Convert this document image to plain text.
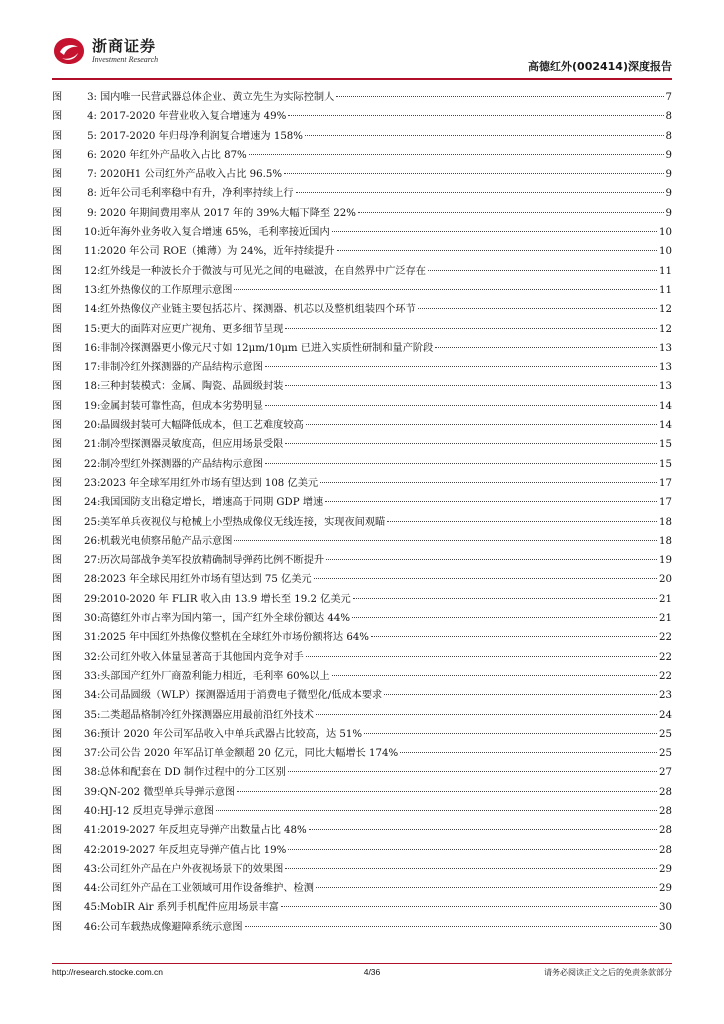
浙商证券
Investment Research
高德红外(002414)深度报告
图	3: 国内唯一民营武器总体企业、黄立先生为实际控制人	7
图	4: 2017-2020 年营业收入复合增速为 49%	8
图	5: 2017-2020 年归母净利润复合增速为 158%	8
图	6: 2020 年红外产品收入占比 87%	9
图	7: 2020H1 公司红外产品收入占比 96.5%	9
图	8: 近年公司毛利率稳中有升，净利率持续上行	9
图	9: 2020 年期间费用率从 2017 年的 39%大幅下降至 22%	9
图	10: 近年海外业务收入复合增速 65%，毛利率接近国内	10
图	11: 2020 年公司 ROE（摊薄）为 24%，近年持续提升	10
图	12: 红外线是一种波长介于微波与可见光之间的电磁波，在自然界中广泛存在	11
图	13: 红外热像仪的工作原理示意图	11
图	14: 红外热像仪产业链主要包括芯片、探测器、机芯以及整机组装四个环节	12
图	15: 更大的面阵对应更广视角、更多细节呈现	12
图	16: 非制冷探测器更小像元尺寸如 12μm/10μm 已进入实质性研制和量产阶段	13
图	17: 非制冷红外探测器的产品结构示意图	13
图	18: 三种封装模式：金属、陶瓷、晶圆级封装	13
图	19: 金属封装可靠性高，但成本劣势明显	14
图	20: 晶圆级封装可大幅降低成本，但工艺难度较高	14
图	21: 制冷型探测器灵敏度高，但应用场景受限	15
图	22: 制冷型红外探测器的产品结构示意图	15
图	23: 2023 年全球军用红外市场有望达到 108 亿美元	17
图	24: 我国国防支出稳定增长，增速高于同期 GDP 增速	17
图	25: 美军单兵夜视仪与枪械上小型热成像仪无线连接，实现夜间观瞄	18
图	26: 机载光电侦察吊舱产品示意图	18
图	27: 历次局部战争美军投放精确制导弹药比例不断提升	19
图	28: 2023 年全球民用红外市场有望达到 75 亿美元	20
图	29: 2010-2020 年 FLIR 收入由 13.9 增长至 19.2 亿美元	21
图	30: 高德红外市占率为国内第一，国产红外全球份额达 44%	21
图	31: 2025 年中国红外热像仪整机在全球红外市场份额将达 64%	22
图	32: 公司红外收入体量显著高于其他国内竞争对手	22
图	33: 头部国产红外厂商盈利能力相近，毛利率 60%以上	22
图	34: 公司晶圆级（WLP）探测器适用于消费电子微型化/低成本要求	23
图	35: 二类超晶格制冷红外探测器应用最前沿红外技术	24
图	36: 预计 2020 年公司军品收入中单兵武器占比较高，达 51%	25
图	37: 公司公告 2020 年军品订单金额超 20 亿元，同比大幅增长 174%	25
图	38: 总体和配套在 DD 制作过程中的分工区别	27
图	39: QN-202 微型单兵导弹示意图	28
图	40: HJ-12 反坦克导弹示意图	28
图	41: 2019-2027 年反坦克导弹产出数量占比 48%	28
图	42: 2019-2027 年反坦克导弹产值占比 19%	28
图	43: 公司红外产品在户外夜视场景下的效果图	29
图	44: 公司红外产品在工业领域可用作设备维护、检测	29
图	45: MobIR Air 系列手机配件应用场景丰富	30
图	46: 公司车载热成像避障系统示意图	30
http://research.stocke.com.cn	4/36	请务必阅读正文之后的免责条款部分
